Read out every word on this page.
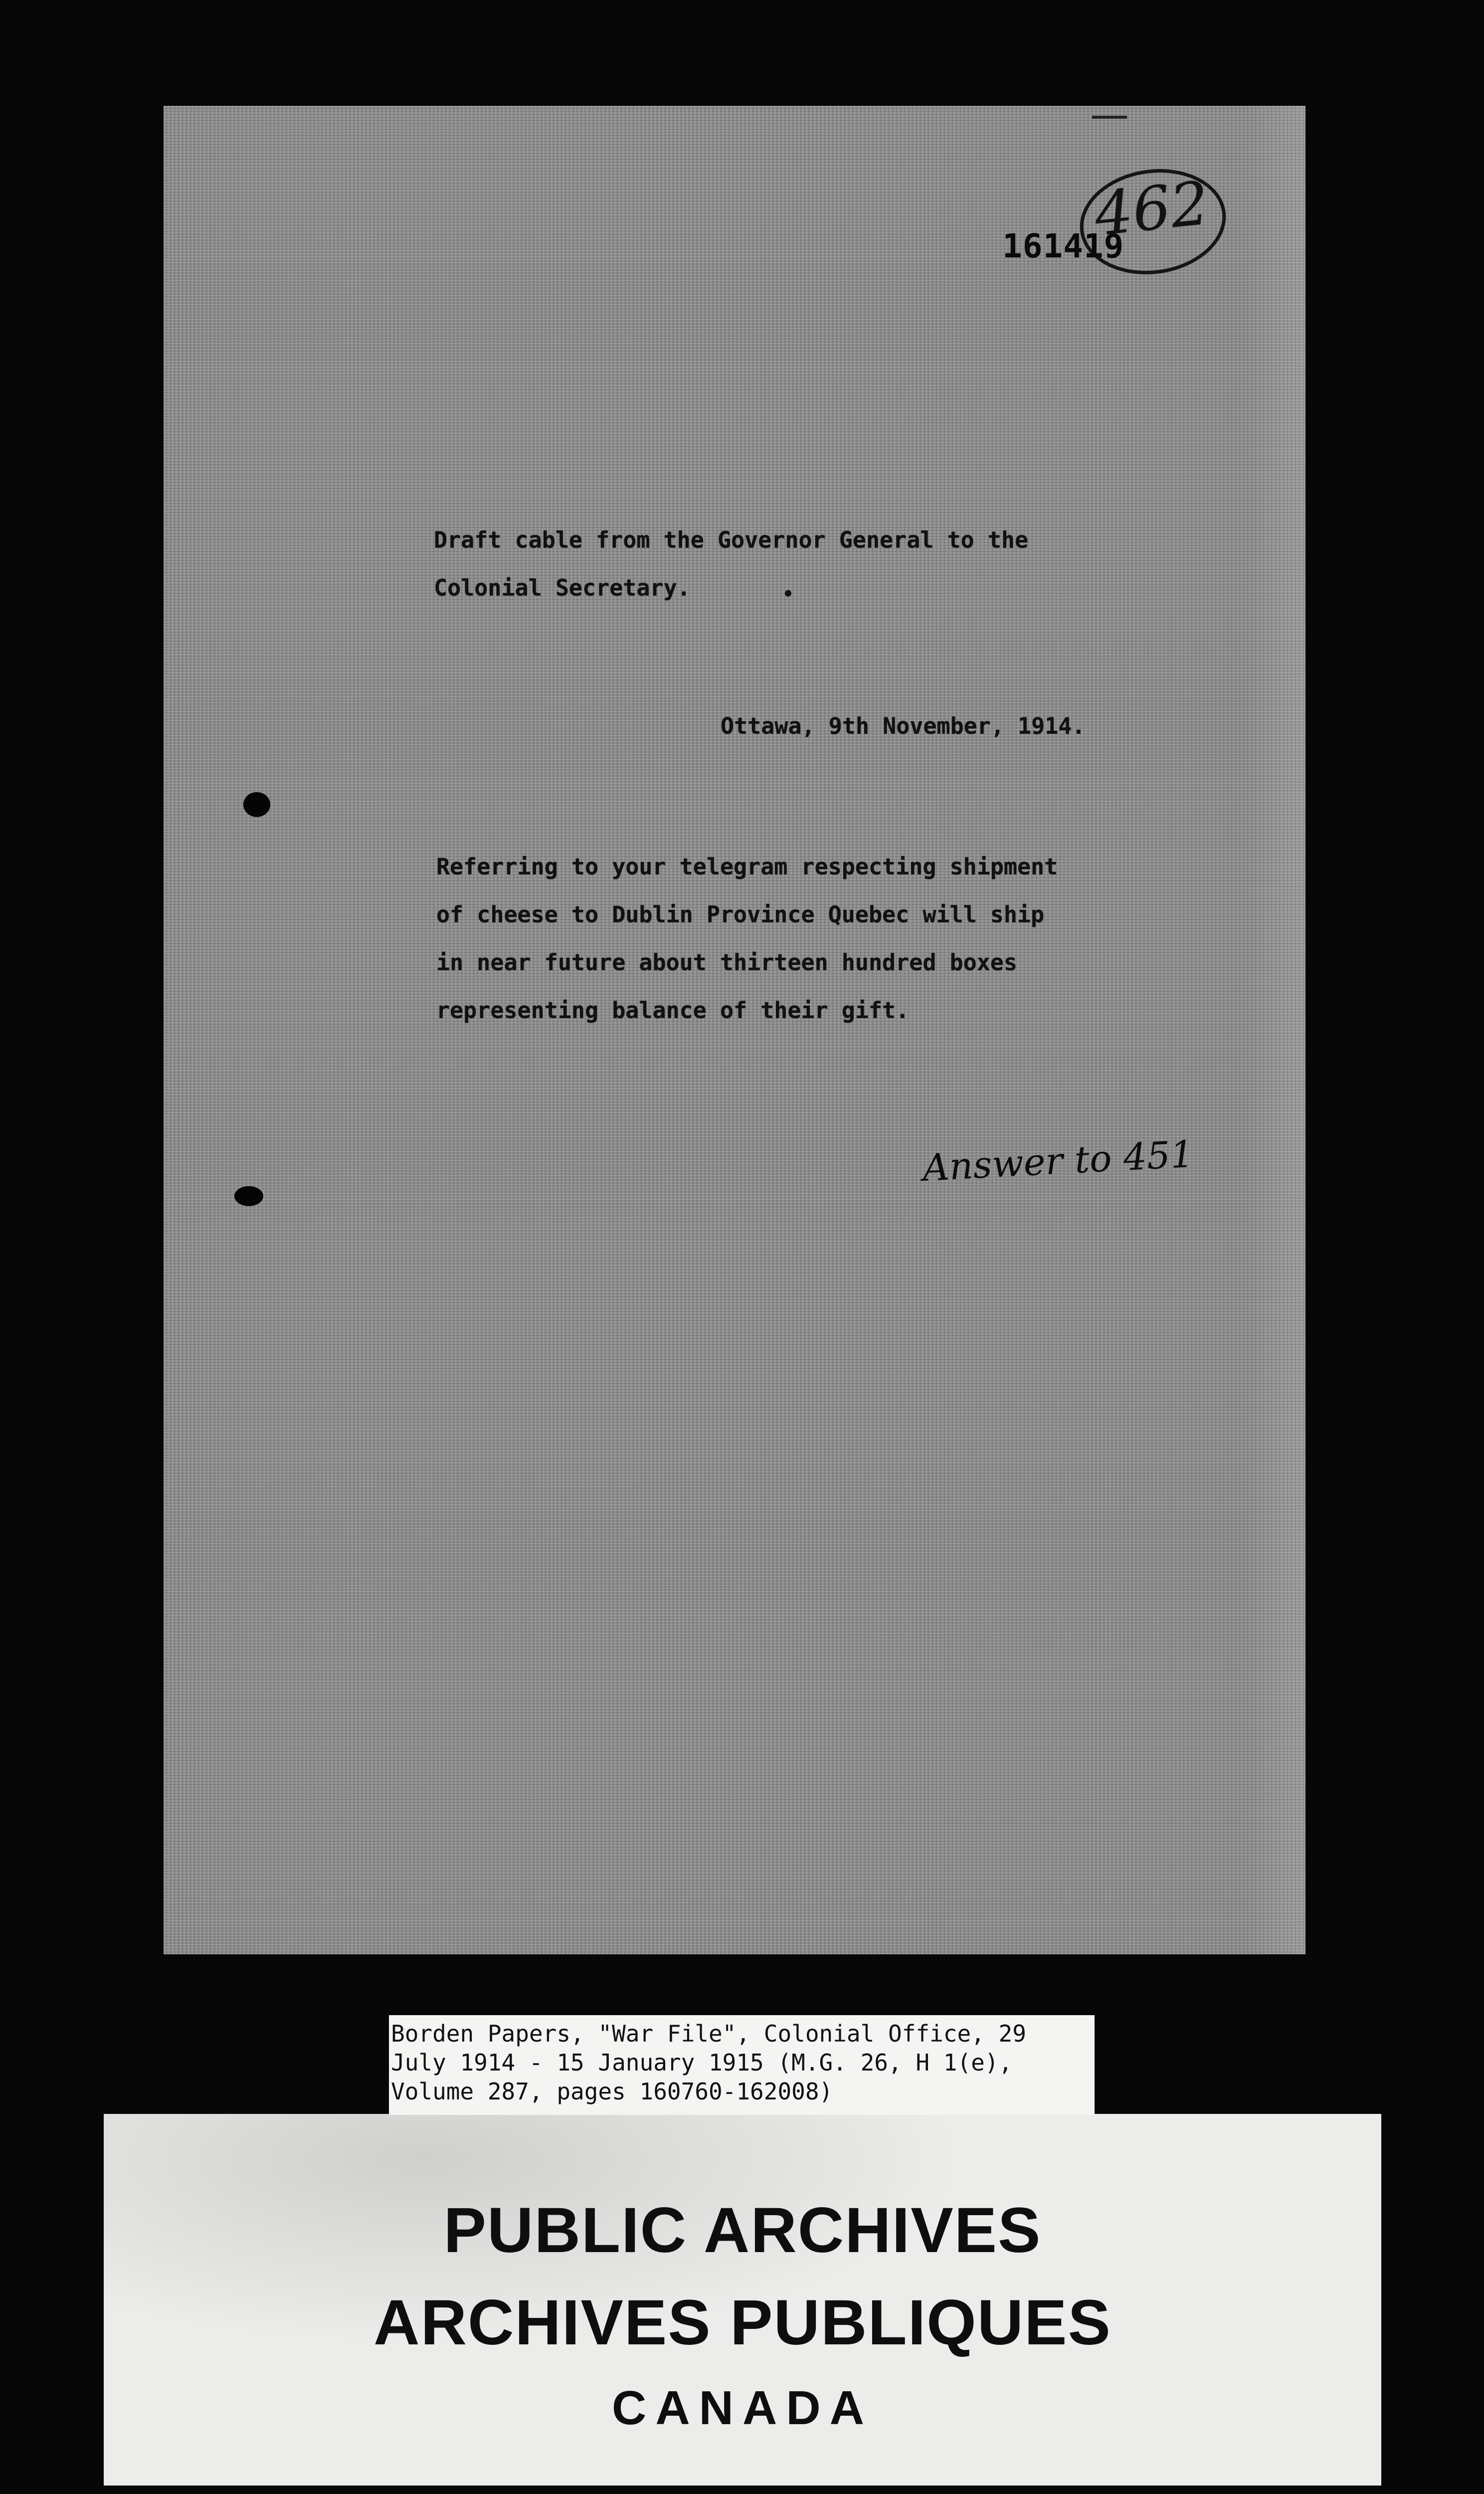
462
161419
Draft cable from the Governor General to the
Colonial Secretary.
Ottawa, 9th November, 1914.
Referring to your telegram respecting shipment
of cheese to Dublin Province Quebec will ship
in near future about thirteen hundred boxes
representing balance of their gift.
Answer to 451
PUBLIC ARCHIVES
ARCHIVES PUBLIQUES
CANADA
Borden Papers, "War File", Colonial Office, 29
July 1914 - 15 January 1915 (M.G. 26, H 1(e),
Volume 287, pages 160760-162008)
